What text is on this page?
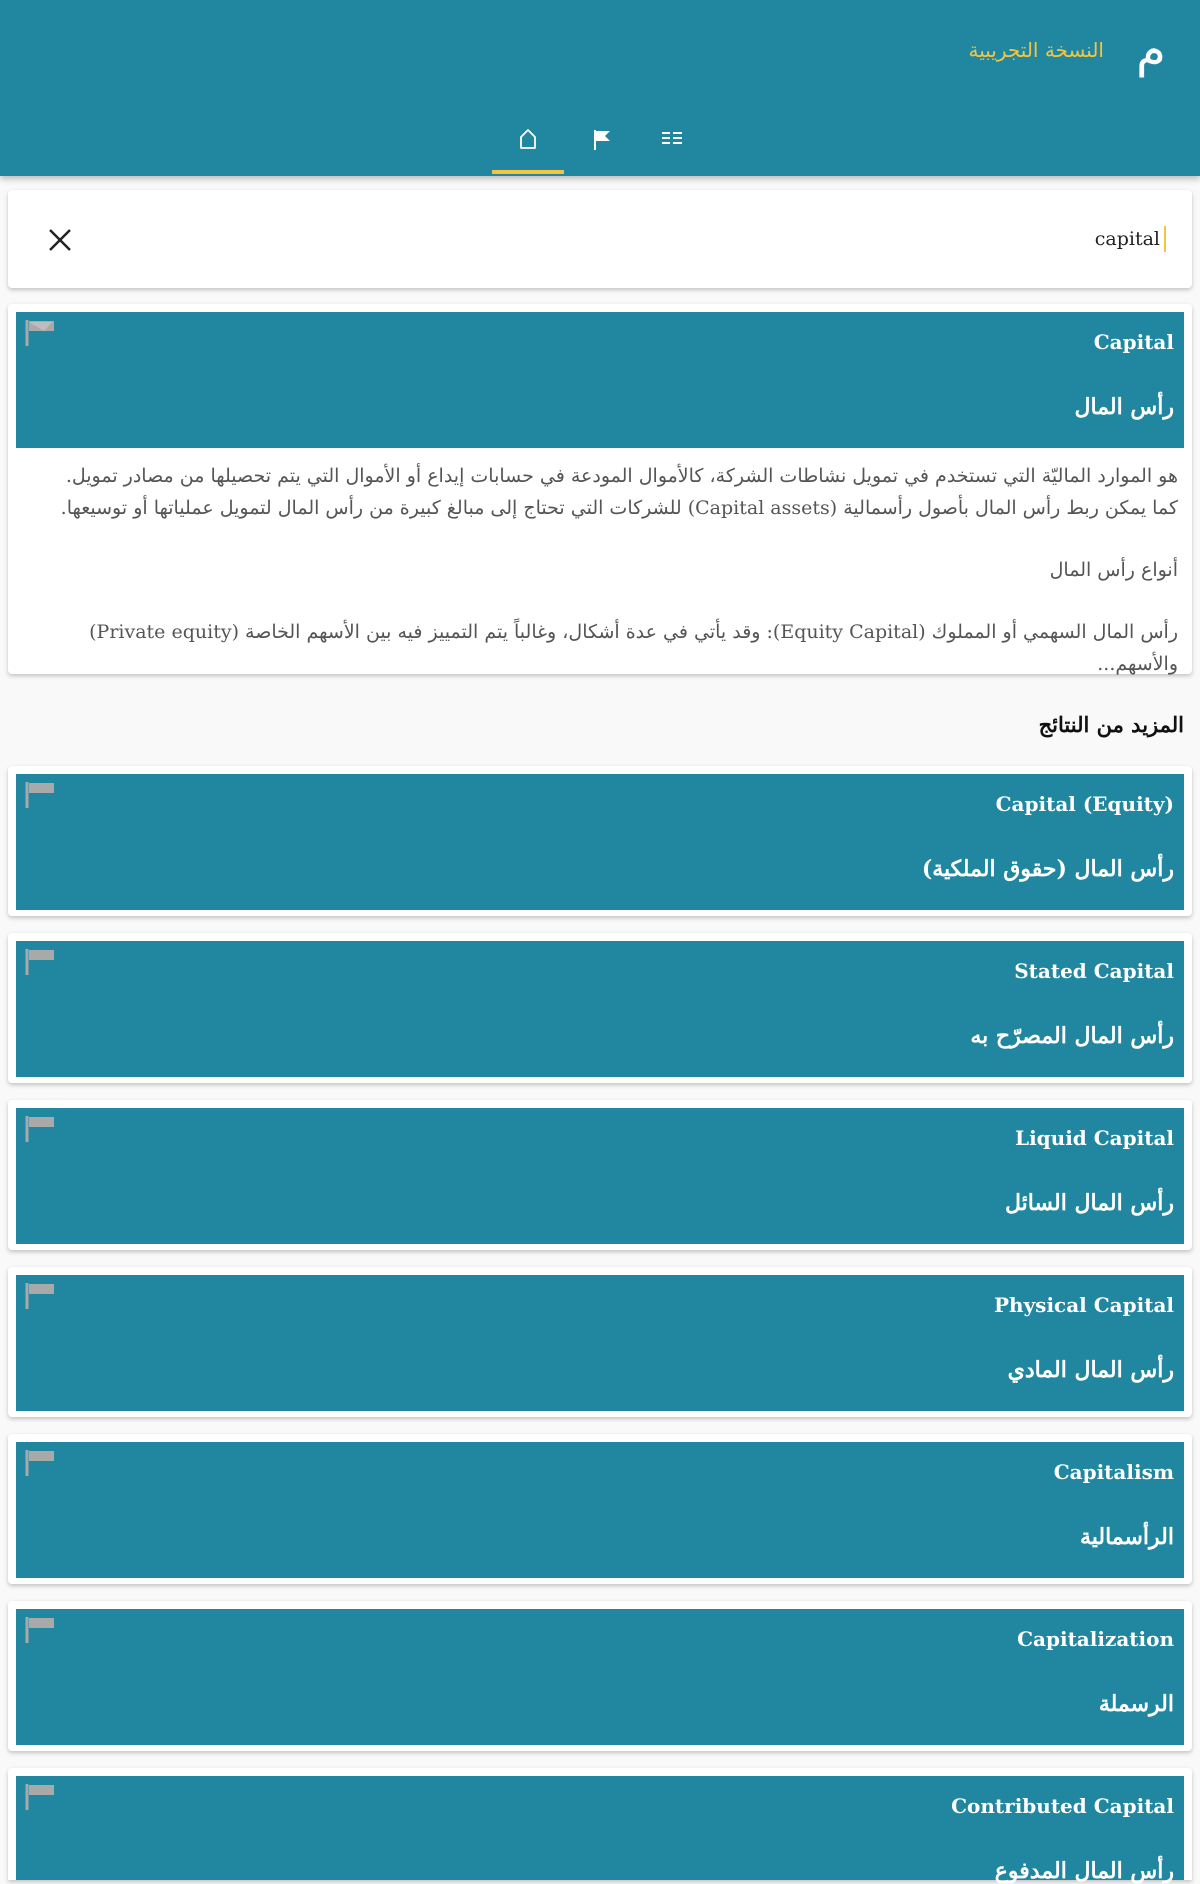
م
النسخة التجريبية
capital
Capital
رأس المال

هو الموارد الماليّة التي تستخدم في تمويل نشاطات الشركة، كالأموال المودعة في حسابات إيداع أو الأموال التي يتم تحصيلها من مصادر تمويل. كما يمكن ربط رأس المال بأصول رأسمالية (Capital assets) للشركات التي تحتاج إلى مبالغ كبيرة من رأس المال لتمويل عملياتها أو توسيعها.

أنواع رأس المال

رأس المال السهمي أو المملوك (Equity Capital): وقد يأتي في عدة أشكال، وغالباً يتم التمييز فيه بين الأسهم الخاصة (Private equity) والأسهم...

المزيد من النتائج
Capital (Equity)
رأس المال (حقوق الملكية)
Stated Capital
رأس المال المصرّح به
Liquid Capital
رأس المال السائل
Physical Capital
رأس المال المادي
Capitalism
الرأسمالية
Capitalization
الرسملة
Contributed Capital
رأس المال المدفوع
